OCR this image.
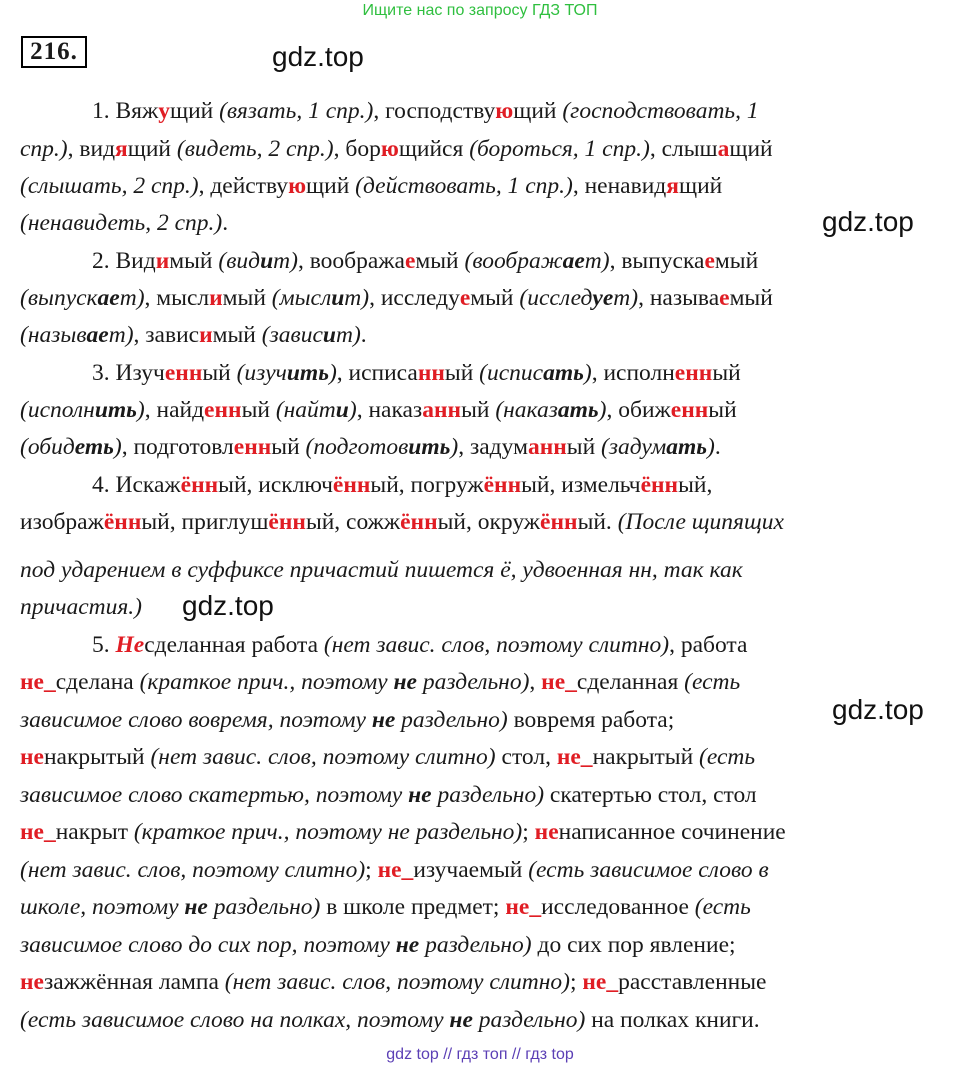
Ищите нас по запросу ГДЗ ТОП
216.	gdz.top
gdz.top
gdz.top
gdz.top
1. Вяжущий (вязать, 1 спр.), господствующий (господствовать, 1
спр.), видящий (видеть, 2 спр.), борющийся (бороться, 1 спр.), слышащий
(слышать, 2 спр.), действующий (действовать, 1 спр.), ненавидящий
(ненавидеть, 2 спр.).
2. Видимый (видит), воображаемый (воображает), выпускаемый
(выпускает), мыслимый (мыслит), исследуемый (исследует), называемый
(называет), зависимый (зависит).
3. Изученный (изучить), исписанный (исписать), исполненный
(исполнить), найденный (найти), наказанный (наказать), обиженный
(обидеть), подготовленный (подготовить), задуманный (задумать).
4. Искажённый, исключённый, погружённый, измельчённый,
изображённый, приглушённый, сожжённый, окружённый. (После щипящих
под ударением в суффиксе причастий пишется ё, удвоенная нн, так как
причастия.)
5. Несделанная работа (нет завис. слов, поэтому слитно), работа
не_сделана (краткое прич., поэтому не раздельно), не_сделанная (есть
зависимое слово вовремя, поэтому не раздельно) вовремя работа;
ненакрытый (нет завис. слов, поэтому слитно) стол, не_накрытый (есть
зависимое слово скатертью, поэтому не раздельно) скатертью стол, стол
не_накрыт (краткое прич., поэтому не раздельно); ненаписанное сочинение
(нет завис. слов, поэтому слитно); не_изучаемый (есть зависимое слово в
школе, поэтому не раздельно) в школе предмет; не_исследованное (есть
зависимое слово до сих пор, поэтому не раздельно) до сих пор явление;
незажжённая лампа (нет завис. слов, поэтому слитно); не_расставленные
(есть зависимое слово на полках, поэтому не раздельно) на полках книги.
gdz top // гдз топ // гдз top
